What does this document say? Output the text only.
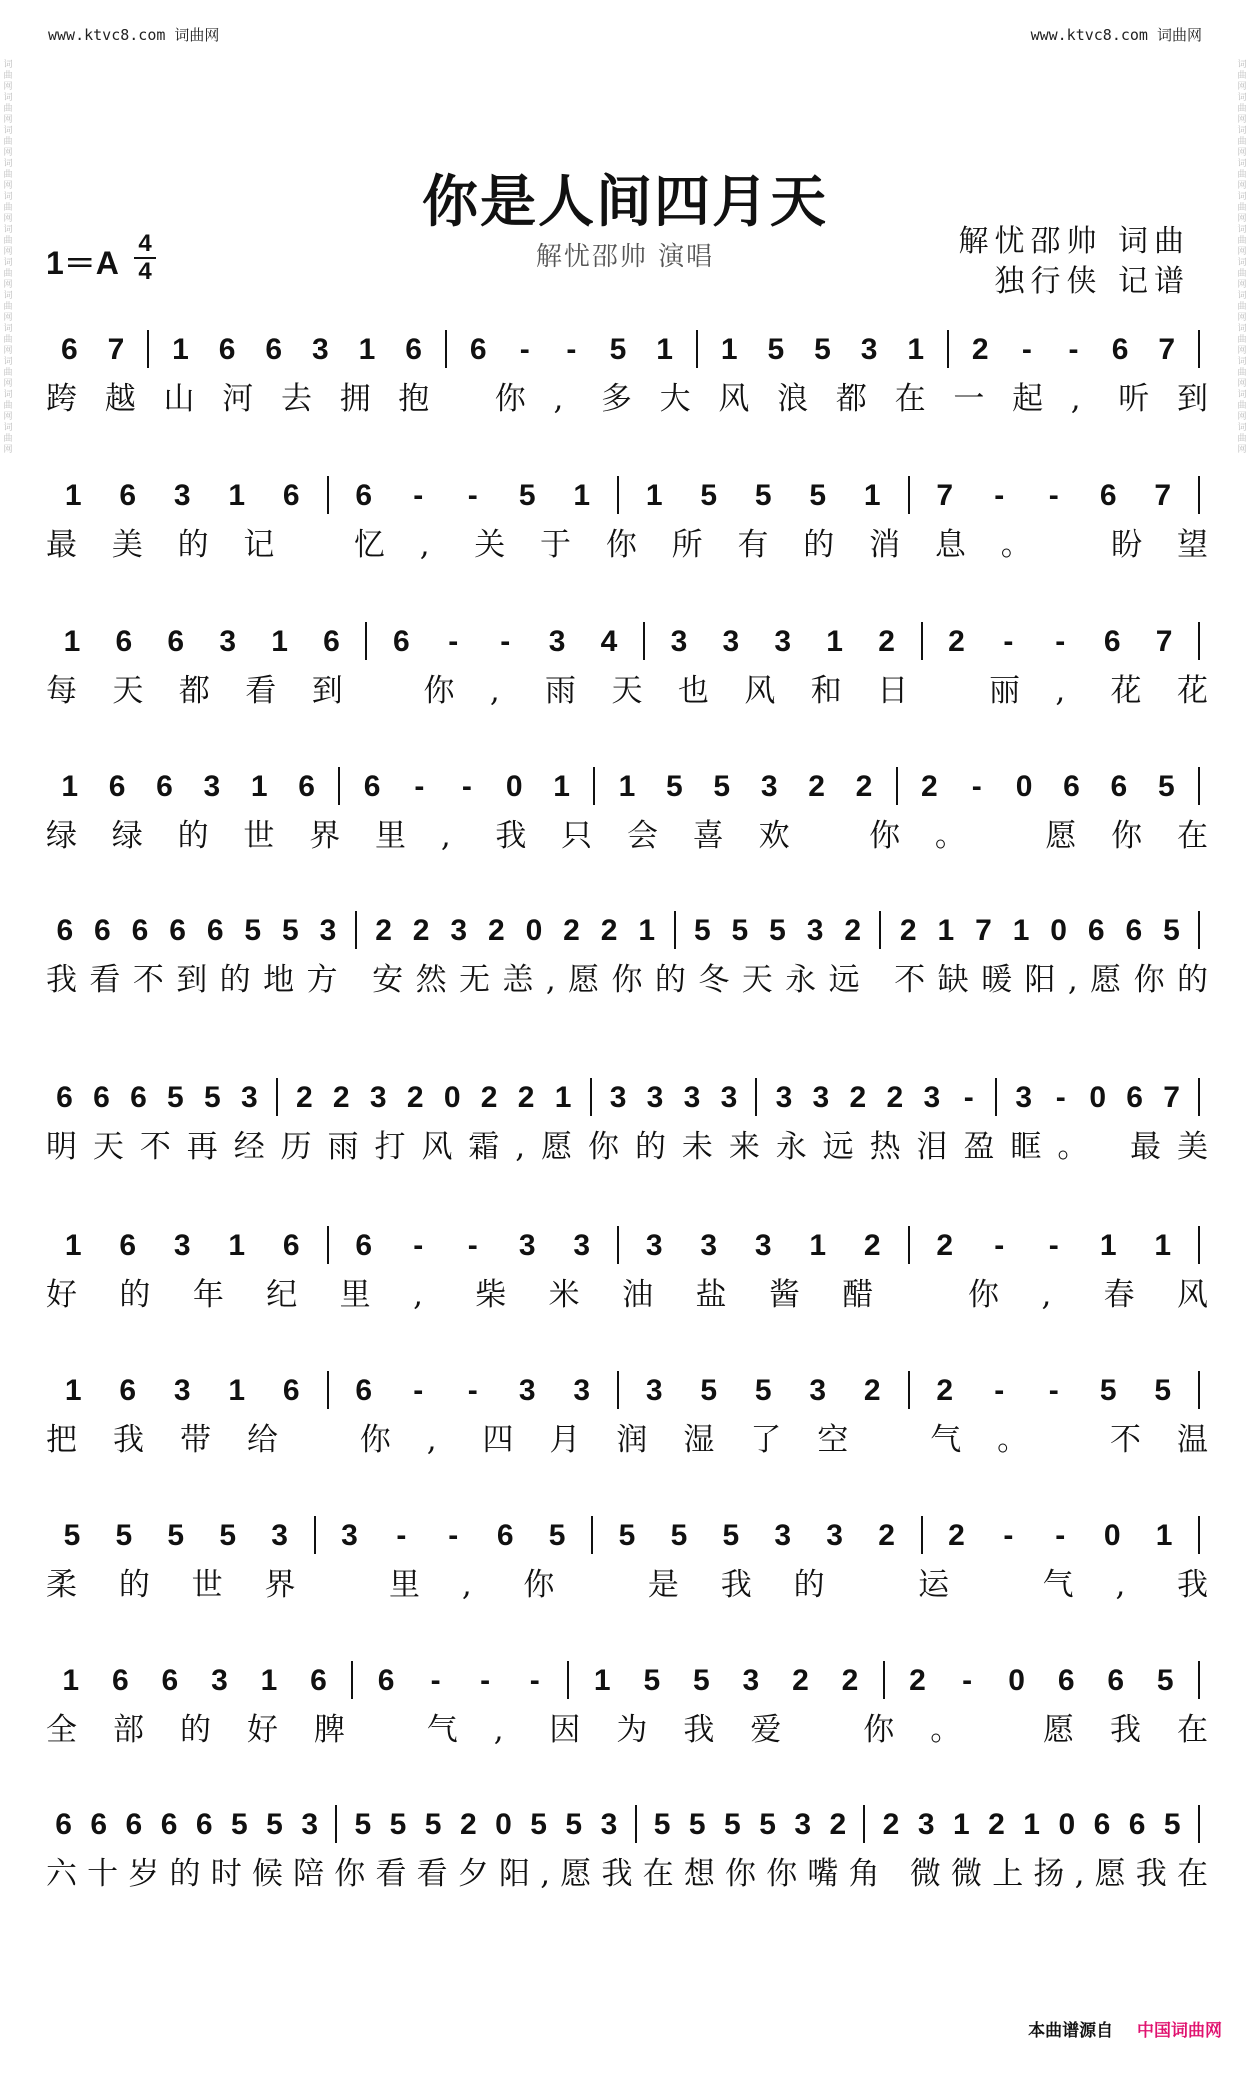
www.ktvc8.com 词曲网	www.ktvc8.com 词曲网
词曲网词曲网词曲网词曲网词曲网词曲网词曲网词曲网词曲网词曲网词曲网词曲网
词曲网词曲网词曲网词曲网词曲网词曲网词曲网词曲网词曲网词曲网词曲网词曲网
你是人间四月天
解忧邵帅 演唱	解忧邵帅 词曲
独行侠 记谱
1＝A
4
4
6 7	1 6 6 3 1 6	6	-	-	5 1	1 5 5 3 1	2	-	-	6 7
跨越山河去拥抱 你, 多大风浪都在一起, 听到
1	6	3	1	6	6	-	-	5	1	1	5	5	5	1	7	-	-	6	7
最美的记 忆, 关于你所有的消息。 盼望
1	6	6	3	1	6	6	-	-	3	4	3	3	3	1	2	2	-	-	6	7
每天都看到 你, 雨天也风和日 丽, 花花
1	6	6	3	1	6	6	-	-	0	1	1	5	5	3	2	2	2	-	0	6	6	5
绿绿的世界里, 我只会喜欢 你。 愿你在
6 6 6 6 6 5 5 3	2 2 3 2 0 2 2 1	5 5 5 3 2	2 1 7 1 0 6 6 5
我看不到的地方 安然无恙,愿你的冬天永远 不缺暖阳,愿你的
6 6 6 5 5 3	2 2 3 2 0 2 2 1	3 3 3 3	3 3 2 2 3 -	3 - 0 6 7
明天不再经历雨打风霜,愿你的未来永远热泪盈眶。 最美
1	6	3	1	6	6	-	-	3	3	3	3	3	1	2	2	-	-	1	1
好的年纪里, 柴米油盐酱醋 你, 春风
1	6	3	1	6	6	-	-	3	3	3	5	5	3	2	2	-	-	5	5
把我带给 你, 四月润湿了空 气。 不温
5	5	5	5	3	3	-	-	6	5	5	5	5	3	3	2	2	-	-	0	1
柔的世界 里, 你 是我的 运 气, 我
1	6	6	3	1	6	6	-	-	-	1	5	5	3	2	2	2	-	0	6	6	5
全部的好脾 气, 因为我爱 你。 愿我在
6 6 6 6 6 5 5 3	5 5 5 2 0 5 5 3	5 5 5 5 3 2	2 3 1 2 1 0 6 6 5
六十岁的时候陪你看看夕阳,愿我在想你你嘴角 微微上扬,愿我在
本曲谱源自 中国词曲网
